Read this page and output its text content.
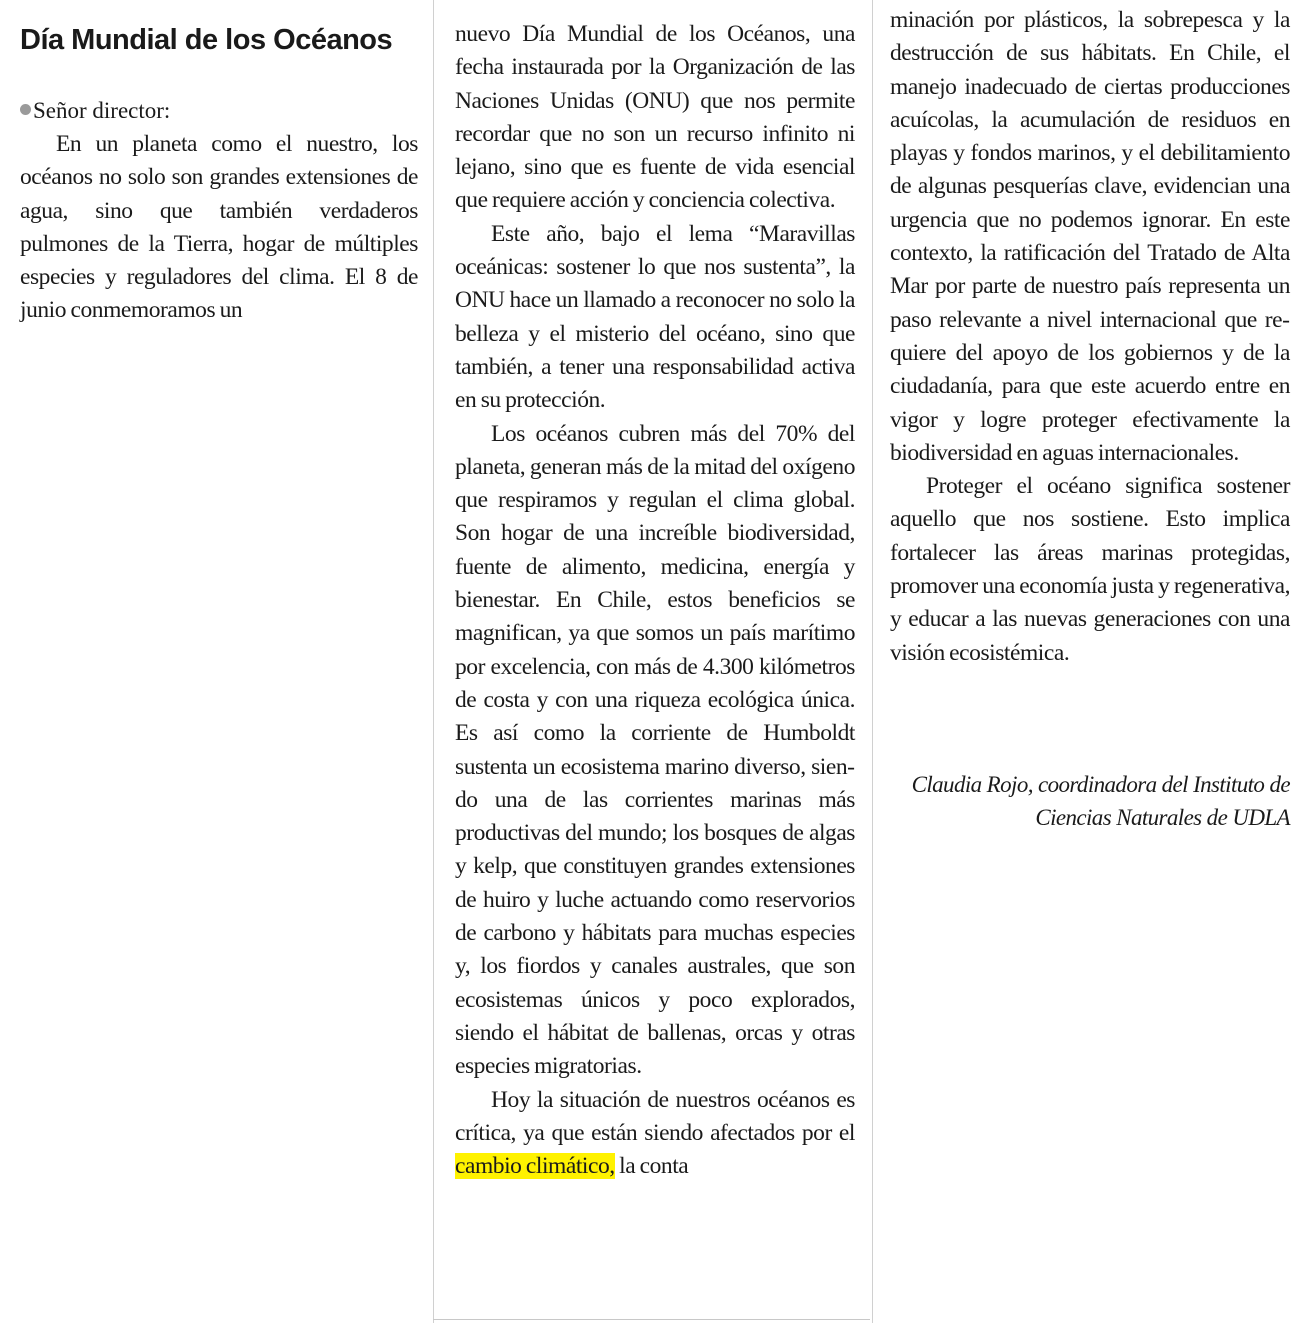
Día Mundial de los Océanos
Señor director:

En un planeta como el nuestro, los océanos no solo son grandes extensiones de agua, sino que también verdaderos pulmones de la Tierra, hogar de múltiples especies y reguladores del clima. El 8 de junio conmemoramos un

nuevo Día Mundial de los Océanos, una fecha instaurada por la Organización de las Naciones Unidas (ONU) que nos permite recordar que no son un recurso infinito ni lejano, sino que es fuente de vida esencial que requiere acción y conciencia colectiva.

Este año, bajo el lema “Maravillas oceánicas: sostener lo que nos sustenta”, la ONU hace un llamado a reconocer no solo la belleza y el misterio del océano, sino que también, a tener una responsabilidad activa en su protección.

Los océanos cubren más del 70% del planeta, generan más de la mitad del oxígeno que respiramos y regulan el clima global. Son hogar de una increíble biodiversidad, fuente de alimento, medicina, energía y bienestar. En Chile, estos beneficios se magnifican, ya que somos un país marítimo por excelencia, con más de 4.300 kilómetros de costa y con una riqueza ecológica única. Es así como la corriente de Humboldt sustenta un ecosistema marino diverso, siendo una de las corrientes marinas más productivas del mundo; los bosques de algas y kelp, que constituyen grandes extensiones de huiro y luche actuando como reservorios de carbono y hábitats para muchas especies y, los fiordos y canales australes, que son ecosistemas únicos y poco explorados, siendo el hábitat de ballenas, orcas y otras especies migratorias.

Hoy la situación de nuestros océanos es crítica, ya que están siendo afectados por el cambio climático, la conta

minación por plásticos, la sobrepesca y la destrucción de sus hábitats. En Chile, el manejo inadecuado de ciertas producciones acuícolas, la acumulación de residuos en playas y fondos marinos, y el debilitamiento de algunas pesquerías clave, evidencian una urgencia que no podemos ignorar. En este contexto, la ratificación del Tratado de Alta Mar por parte de nuestro país representa un paso relevante a nivel internacional que requiere del apoyo de los gobiernos y de la ciudadanía, para que este acuerdo entre en vigor y logre proteger efectivamente la biodiversidad en aguas internacionales.

Proteger el océano significa sostener aquello que nos sostiene. Esto implica fortalecer las áreas marinas protegidas, promover una economía justa y regenerativa, y educar a las nuevas generaciones con una visión ecosistémica.

Claudia Rojo, coordinadora del Instituto de Ciencias Naturales de UDLA
